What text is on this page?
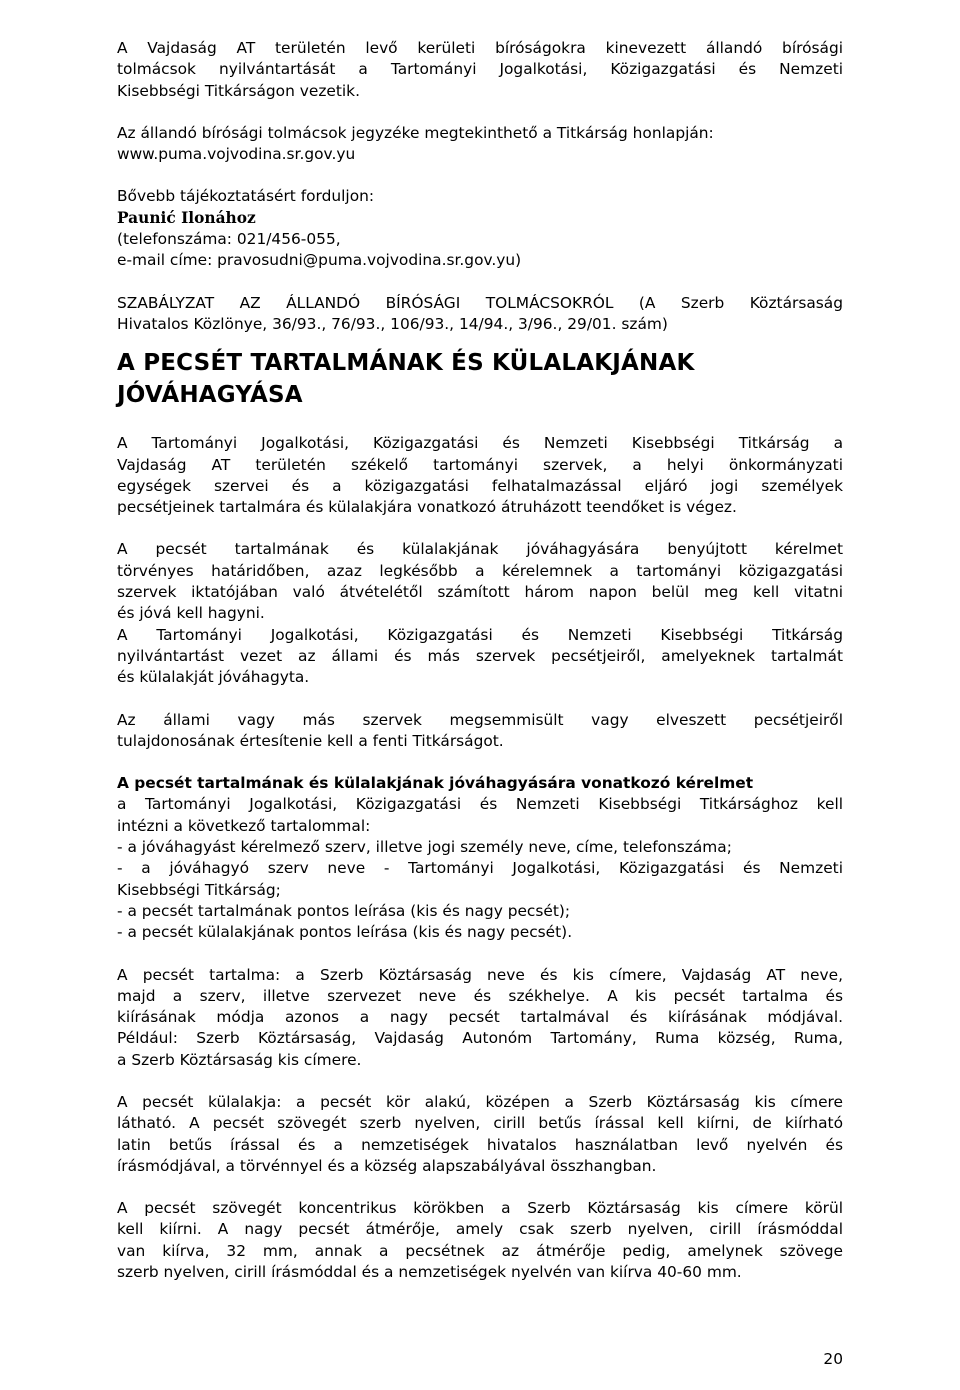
A Vajdaság AT területén levő kerületi bíróságokra kinevezett állandó bírósági
tolmácsok nyilvántartását a Tartományi Jogalkotási, Közigazgatási és Nemzeti
Kisebbségi Titkárságon vezetik.
Az állandó bírósági tolmácsok jegyzéke megtekinthető a Titkárság honlapján:
www.puma.vojvodina.sr.gov.yu
Bővebb tájékoztatásért forduljon:
Paunić Ilonához
(telefonszáma: 021/456-055,
e-mail címe: pravosudni@puma.vojvodina.sr.gov.yu)
SZABÁLYZAT AZ ÁLLANDÓ BÍRÓSÁGI TOLMÁCSOKRÓL (A Szerb Köztársaság
Hivatalos Közlönye, 36/93., 76/93., 106/93., 14/94., 3/96., 29/01. szám)
A PECSÉT TARTALMÁNAK ÉS KÜLALAKJÁNAK
JÓVÁHAGYÁSA
A Tartományi Jogalkotási, Közigazgatási és Nemzeti Kisebbségi Titkárság a
Vajdaság AT területén székelő tartományi szervek, a helyi önkormányzati
egységek szervei és a közigazgatási felhatalmazással eljáró jogi személyek
pecsétjeinek tartalmára és külalakjára vonatkozó átruházott teendőket is végez.
A pecsét tartalmának és külalakjának jóváhagyására benyújtott kérelmet
törvényes határidőben, azaz legkésőbb a kérelemnek a tartományi közigazgatási
szervek iktatójában való átvételétől számított három napon belül meg kell vitatni
és jóvá kell hagyni.
A Tartományi Jogalkotási, Közigazgatási és Nemzeti Kisebbségi Titkárság
nyilvántartást vezet az állami és más szervek pecsétjeiről, amelyeknek tartalmát
és külalakját jóváhagyta.
Az állami vagy más szervek megsemmisült vagy elveszett pecsétjeiről
tulajdonosának értesítenie kell a fenti Titkárságot.
A pecsét tartalmának és külalakjának jóváhagyására vonatkozó kérelmet
a Tartományi Jogalkotási, Közigazgatási és Nemzeti Kisebbségi Titkársághoz kell
intézni a következő tartalommal:
- a jóváhagyást kérelmező szerv, illetve jogi személy neve, címe, telefonszáma;
- a jóváhagyó szerv neve - Tartományi Jogalkotási, Közigazgatási és Nemzeti
Kisebbségi Titkárság;
- a pecsét tartalmának pontos leírása (kis és nagy pecsét);
- a pecsét külalakjának pontos leírása (kis és nagy pecsét).
A pecsét tartalma: a Szerb Köztársaság neve és kis címere, Vajdaság AT neve,
majd a szerv, illetve szervezet neve és székhelye. A kis pecsét tartalma és
kiírásának módja azonos a nagy pecsét tartalmával és kiírásának módjával.
Például: Szerb Köztársaság, Vajdaság Autonóm Tartomány, Ruma község, Ruma,
a Szerb Köztársaság kis címere.
A pecsét külalakja: a pecsét kör alakú, középen a Szerb Köztársaság kis címere
látható. A pecsét szövegét szerb nyelven, cirill betűs írással kell kiírni, de kiírható
latin betűs írással és a nemzetiségek hivatalos használatban levő nyelvén és
írásmódjával, a törvénnyel és a község alapszabályával összhangban.
A pecsét szövegét koncentrikus körökben a Szerb Köztársaság kis címere körül
kell kiírni. A nagy pecsét átmérője, amely csak szerb nyelven, cirill írásmóddal
van kiírva, 32 mm, annak a pecsétnek az átmérője pedig, amelynek szövege
szerb nyelven, cirill írásmóddal és a nemzetiségek nyelvén van kiírva 40-60 mm.
20
